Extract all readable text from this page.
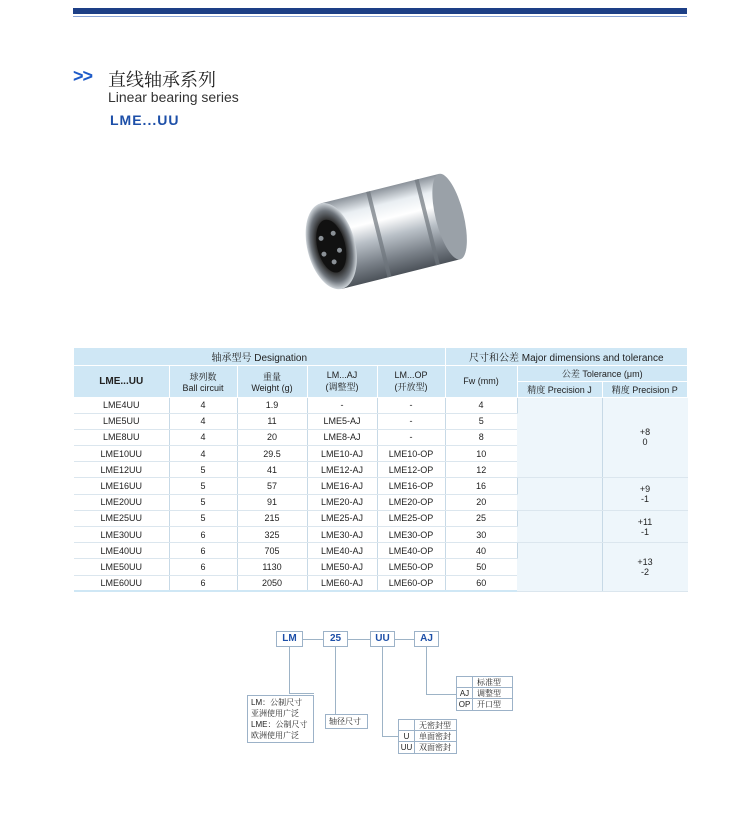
>> 直线轴承系列
Linear bearing series
LME...UU
轴承型号 Designation					尺寸和公差 Major dimensions and tolerance		
LME...UU	球列数
Ball circuit	重量
Weight (g)	LM...AJ
(调整型)	LM...OP
(开放型)	Fw (mm)	公差 Tolerance (μm)	
						精度 Precision J	精度 Precision P
LME4UU	4	1.9	-	-	4		+8
0
LME5UU	4	11	LME5-AJ	-	5		
LME8UU	4	20	LME8-AJ	-	8		
LME10UU	4	29.5	LME10-AJ	LME10-OP	10		
LME12UU	5	41	LME12-AJ	LME12-OP	12		
LME16UU	5	57	LME16-AJ	LME16-OP	16		+9
-1
LME20UU	5	91	LME20-AJ	LME20-OP	20		
LME25UU	5	215	LME25-AJ	LME25-OP	25		+11
-1
LME30UU	6	325	LME30-AJ	LME30-OP	30		
LME40UU	6	705	LME40-AJ	LME40-OP	40		+13
-2
LME50UU	6	1130	LME50-AJ	LME50-OP	50		
LME60UU	6	2050	LME60-AJ	LME60-OP	60		
LM	25	UU	AJ
标准型
AJ 调整型
OP 开口型
无密封型
U	单面密封
UU 双面密封
轴径尺寸
LM：公制尺寸
亚洲使用广泛
LME：公制尺寸
欧洲使用广泛
